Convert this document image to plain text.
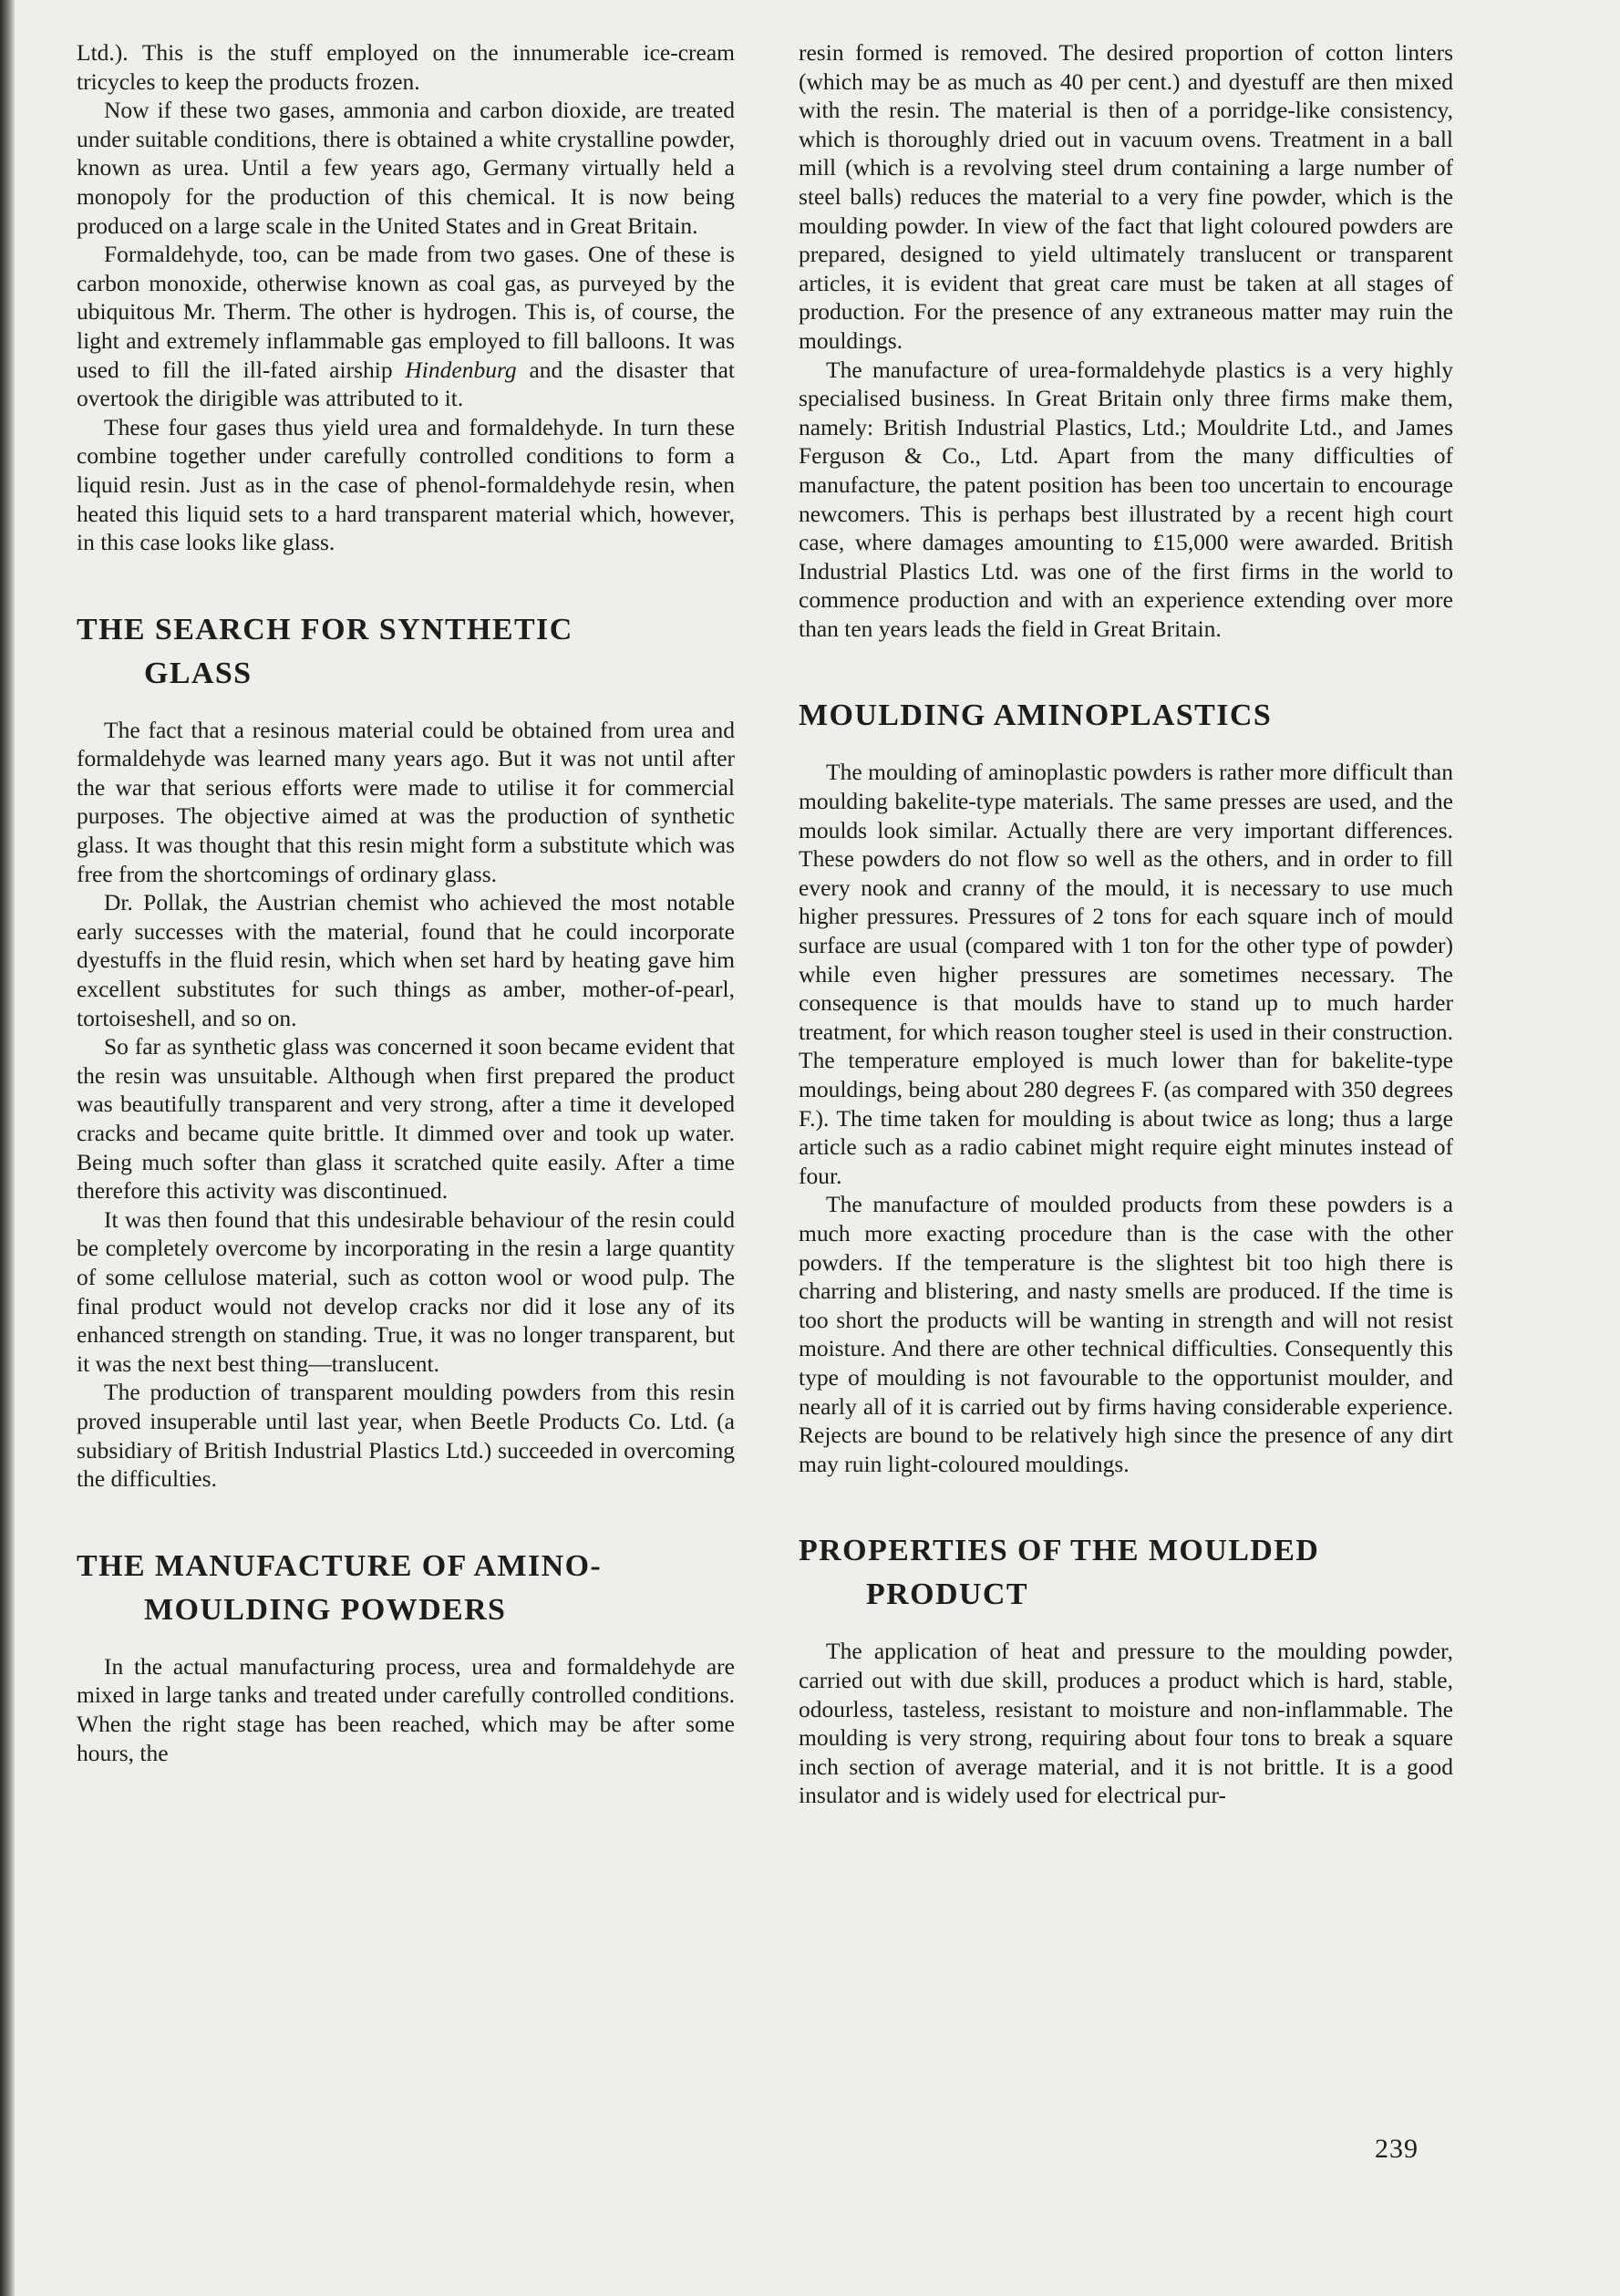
Ltd.). This is the stuff employed on the innumerable ice-cream tricycles to keep the products frozen.

Now if these two gases, ammonia and carbon dioxide, are treated under suitable conditions, there is obtained a white crystalline powder, known as urea. Until a few years ago, Germany virtually held a monopoly for the production of this chemical. It is now being produced on a large scale in the United States and in Great Britain.

Formaldehyde, too, can be made from two gases. One of these is carbon monoxide, otherwise known as coal gas, as purveyed by the ubiquitous Mr. Therm. The other is hydrogen. This is, of course, the light and extremely inflammable gas employed to fill balloons. It was used to fill the ill-fated airship Hindenburg and the disaster that overtook the dirigible was attributed to it.

These four gases thus yield urea and formaldehyde. In turn these combine together under carefully controlled conditions to form a liquid resin. Just as in the case of phenol-formaldehyde resin, when heated this liquid sets to a hard transparent material which, however, in this case looks like glass.

THE SEARCH FOR SYNTHETIC
GLASS

The fact that a resinous material could be obtained from urea and formaldehyde was learned many years ago. But it was not until after the war that serious efforts were made to utilise it for commercial purposes. The objective aimed at was the production of synthetic glass. It was thought that this resin might form a substitute which was free from the shortcomings of ordinary glass.

Dr. Pollak, the Austrian chemist who achieved the most notable early successes with the material, found that he could incorporate dyestuffs in the fluid resin, which when set hard by heating gave him excellent substitutes for such things as amber, mother-of-pearl, tortoiseshell, and so on.

So far as synthetic glass was concerned it soon became evident that the resin was unsuitable. Although when first prepared the product was beautifully transparent and very strong, after a time it developed cracks and became quite brittle. It dimmed over and took up water. Being much softer than glass it scratched quite easily. After a time therefore this activity was discontinued.

It was then found that this undesirable behaviour of the resin could be completely overcome by incorporating in the resin a large quantity of some cellulose material, such as cotton wool or wood pulp. The final product would not develop cracks nor did it lose any of its enhanced strength on standing. True, it was no longer transparent, but it was the next best thing—translucent.

The production of transparent moulding powders from this resin proved insuperable until last year, when Beetle Products Co. Ltd. (a subsidiary of British Industrial Plastics Ltd.) succeeded in overcoming the difficulties.

THE MANUFACTURE OF AMINO-
MOULDING POWDERS

In the actual manufacturing process, urea and formaldehyde are mixed in large tanks and treated under carefully controlled conditions. When the right stage has been reached, which may be after some hours, the

resin formed is removed. The desired proportion of cotton linters (which may be as much as 40 per cent.) and dyestuff are then mixed with the resin. The material is then of a porridge-like consistency, which is thoroughly dried out in vacuum ovens. Treatment in a ball mill (which is a revolving steel drum containing a large number of steel balls) reduces the material to a very fine powder, which is the moulding powder. In view of the fact that light coloured powders are prepared, designed to yield ultimately translucent or transparent articles, it is evident that great care must be taken at all stages of production. For the presence of any extraneous matter may ruin the mouldings.

The manufacture of urea-formaldehyde plastics is a very highly specialised business. In Great Britain only three firms make them, namely: British Industrial Plastics, Ltd.; Mouldrite Ltd., and James Ferguson & Co., Ltd. Apart from the many difficulties of manufacture, the patent position has been too uncertain to encourage newcomers. This is perhaps best illustrated by a recent high court case, where damages amounting to £15,000 were awarded. British Industrial Plastics Ltd. was one of the first firms in the world to commence production and with an experience extending over more than ten years leads the field in Great Britain.

MOULDING AMINOPLASTICS

The moulding of aminoplastic powders is rather more difficult than moulding bakelite-type materials. The same presses are used, and the moulds look similar. Actually there are very important differences. These powders do not flow so well as the others, and in order to fill every nook and cranny of the mould, it is necessary to use much higher pressures. Pressures of 2 tons for each square inch of mould surface are usual (compared with 1 ton for the other type of powder) while even higher pressures are sometimes necessary. The consequence is that moulds have to stand up to much harder treatment, for which reason tougher steel is used in their construction. The temperature employed is much lower than for bakelite-type mouldings, being about 280 degrees F. (as compared with 350 degrees F.). The time taken for moulding is about twice as long; thus a large article such as a radio cabinet might require eight minutes instead of four.

The manufacture of moulded products from these powders is a much more exacting procedure than is the case with the other powders. If the temperature is the slightest bit too high there is charring and blistering, and nasty smells are produced. If the time is too short the products will be wanting in strength and will not resist moisture. And there are other technical difficulties. Consequently this type of moulding is not favourable to the opportunist moulder, and nearly all of it is carried out by firms having considerable experience. Rejects are bound to be relatively high since the presence of any dirt may ruin light-coloured mouldings.

PROPERTIES OF THE MOULDED
PRODUCT

The application of heat and pressure to the moulding powder, carried out with due skill, produces a product which is hard, stable, odourless, tasteless, resistant to moisture and non-inflammable. The moulding is very strong, requiring about four tons to break a square inch section of average material, and it is not brittle. It is a good insulator and is widely used for electrical pur-

239
